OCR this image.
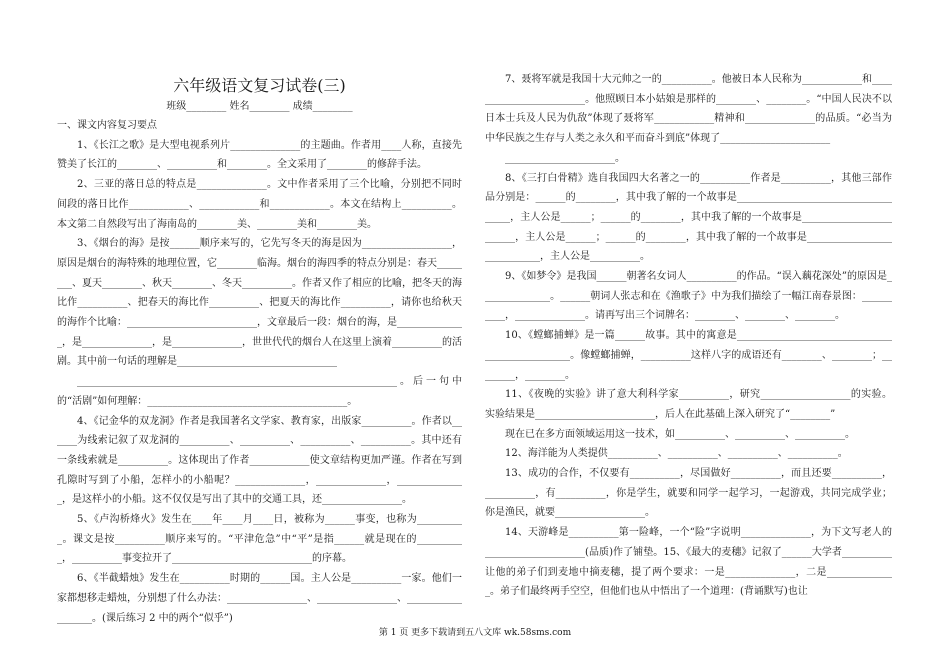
六年级语文复习试卷(三)
班级________ 姓名________ 成绩________
一、课文内容复习要点

1、《长江之歌》是大型电视系列片______________的主题曲。作者用____人称，直接先赞美了长江的________、__________和________。全文采用了________的修辞手法。

2、三亚的落日总的特点是______________。文中作者采用了三个比喻，分别把不同时间段的落日比作____________、____________和____________。本文在结构上__________。本文第二自然段写出了海南岛的________美、________美和________美。

3、《烟台的海》是按______顺序来写的，它先写冬天的海是因为__________________，原因是烟台的海特殊的地理位置，它________临海。烟台的海四季的特点分别是：春天________、夏天________、秋天________、冬天__________。作者又作了相应的比喻，把冬天的海比作__________、把春天的海比作__________、把夏天的海比作__________，请你也给秋天的海作个比喻：__________________________，文章最后一段：烟台的海，是______________，是______________，是______________，世世代代的烟台人在这里上演着__________的活剧。其中前一句话的理解是________________________________

________________________________________________________________。后一句中的“活剧”如何理解：________________________________________。

4、《记金华的双龙洞》作者是我国著名文学家、教育家，出版家__________。作者以______为线索记叙了双龙洞的__________、__________、__________、__________。其中还有一条线索就是__________。这体现出了作者____________使文章结构更加严谨。作者在写到孔隙时写到了小船，怎样小的小船呢？______________，______________，______________，是这样小的小船。这不仅仅是写出了其中的交通工具，还________________。

5、《卢沟桥烽火》发生在____年____月____日，被称为______事变，也称为__________。课文是按__________顺序来写的。“平津危急”中“平”是指______就是现在的__________，__________事变拉开了____________________________的序幕。

6、《半截蜡烛》发生在__________时期的______国。主人公是__________一家。他们一家都想移走蜡烛，分别想了什么办法：________________、________________、__________________。(课后练习 2 中的两个“似乎”)

7、聂将军就是我国十大元帅之一的__________。他被日本人民称为____________和________________________。他照顾日本小姑娘是那样的________、________。“中国人民决不以日本士兵及人民为仇敌”体现了聂将军____________精神和______________的品质。“必当为中华民族之生存与人类之永久和平而奋斗到底”体现了______________________

______________________。

8、《三打白骨精》选自我国四大名著之一的__________作者是__________，其他三部作品分别是：______的________，其中我了解的一个故事是____________________________________，主人公是______；______的________，其中我了解的一个故事是________________________，主人公是______；______的________，其中我了解的一个故事是____________________________，主人公是__________。

9、《如梦令》是我国______朝著名女词人__________的作品。“误入藕花深处”的原因是______________。______朝词人张志和在《渔歌子》中为我们描绘了一幅江南春景图：__________，______________。请再写出三个词牌名：________、________、________。

10、《螳螂捕蝉》是一篇______故事。其中的寓意是________________________________________________。像螳螂捕蝉，__________这样八字的成语还有________、________；________，________。

11、《夜晚的实验》讲了意大利科学家__________，研究__________________的实验。实验结果是________________________，后人在此基础上深入研究了“________”

现在已在多方面领域运用这一技术，如__________、__________、__________。

12、海洋能为人类提供__________、__________、__________、__________。

13、成功的合作，不仅要有__________，尽国做好__________，而且还要__________，__________，有__________，你是学生，就要和同学一起学习，一起游戏，共同完成学业；你是渔民，就要__________________。

14、天游峰是__________第一险峰，一个“险”字说明______________，为下文写老人的____________________(品质)作了铺垫。15、《最大的麦穗》记叙了______大学者__________让他的弟子们到麦地中摘麦穗，提了两个要求：一是______________，二是______________。弟子们最终两手空空，但他们也从中悟出了一个道理：(背诵默写)也让

第 1 页 更多下载请到五八文库 wk.58sms.com
